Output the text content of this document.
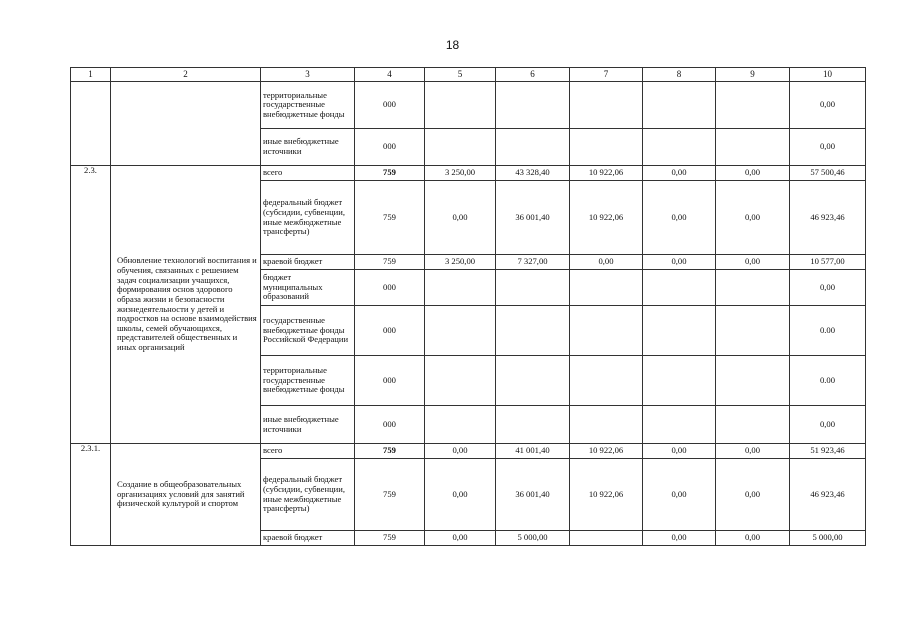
18
1	2	3	4	5	6	7	8	9	10
		территориальные государственные внебюджетные фонды	000						0,00
		иные внебюджетные источники	000						0,00
2.3.	Обновление технологий воспитания и обучения, связанных с решением задач социализации учащихся, формирования основ здорового образа жизни и безопасности жизнедеятельности у детей и подростков на основе взаимодействия школы, семей обучающихся, представителей общественных и иных организаций	всего	759	3 250,00	43 328,40	10 922,06	0,00	0,00	57 500,46
		федеральный бюджет (субсидии, субвенции, иные межбюджетные трансферты)	759	0,00	36 001,40	10 922,06	0,00	0,00	46 923,46
		краевой бюджет	759	3 250,00	7 327,00	0,00	0,00	0,00	10 577,00
		бюджет муниципальных образований	000						0,00
		государственные внебюджетные фонды Российской Федерации	000						0.00
		территориальные государственные внебюджетные фонды	000						0.00
		иные внебюджетные источники	000						0,00
2.3.1.	Создание в общеобразовательных организациях условий для занятий физической культурой и спортом	всего	759	0,00	41 001,40	10 922,06	0,00	0,00	51 923,46
		федеральный бюджет (субсидии, субвенции, иные межбюджетные трансферты)	759	0,00	36 001,40	10 922,06	0,00	0,00	46 923,46
		краевой бюджет	759	0,00	5 000,00		0,00	0,00	5 000,00
